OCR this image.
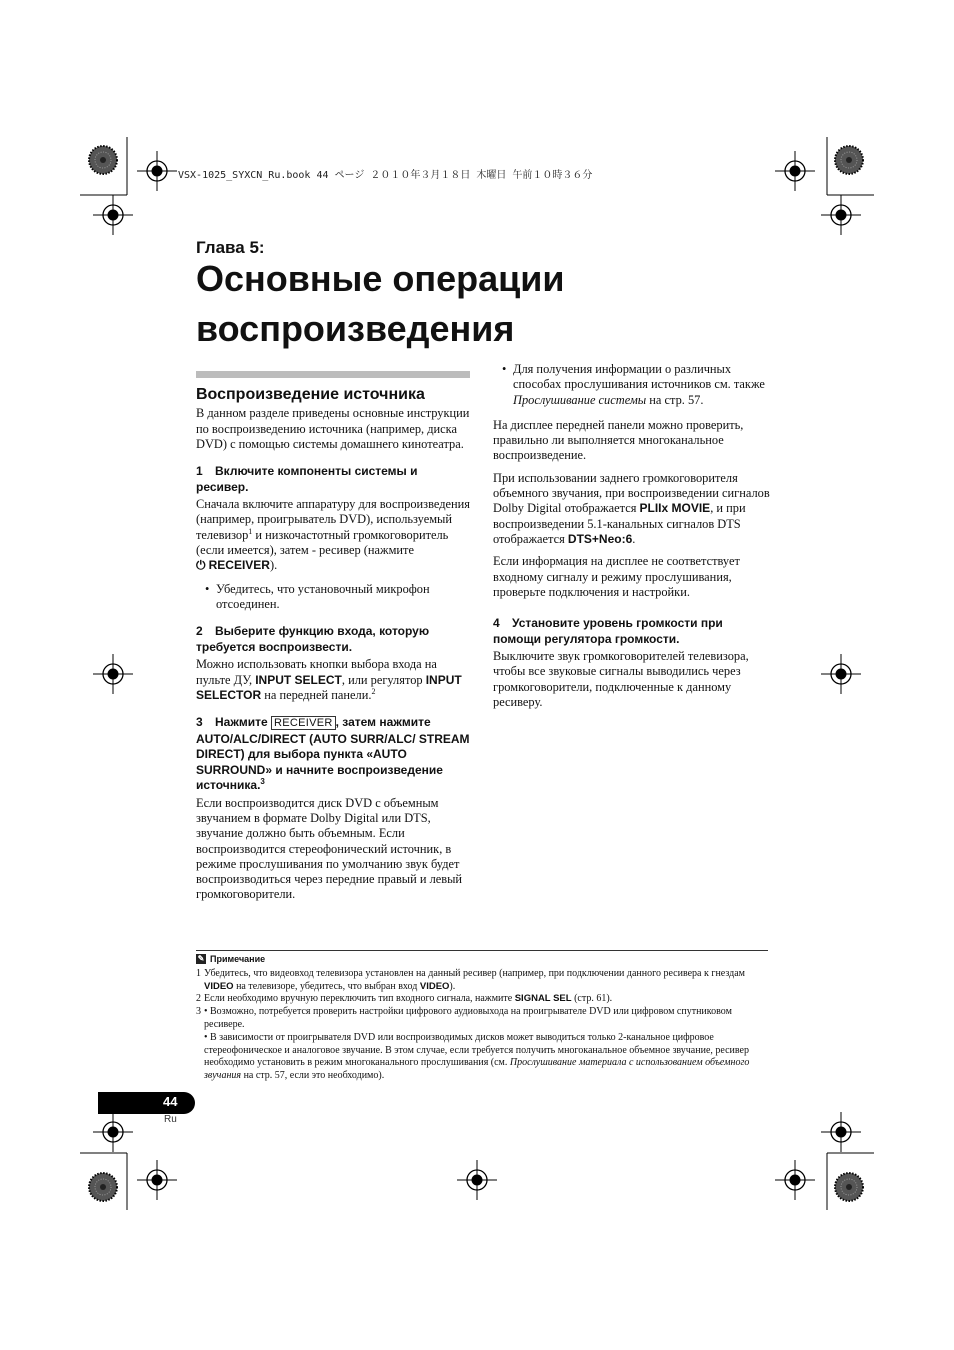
VSX-1025_SYXCN_Ru.book 44 ページ ２０１０年３月１８日 木曜日 午前１０時３６分
Глава 5:
Основные операции
воспроизведения
Воспроизведение источника

В данном разделе приведены основные инструкции по воспроизведению источника (например, диска DVD) с помощью системы домашнего кинотеатра.

1 Включите компоненты системы и ресивер.

Сначала включите аппаратуру для воспроизведения (например, проигрыватель DVD), используемый телевизор$^1$ и низкочастотный громкоговоритель (если имеется), затем - ресивер (нажмите
⏻ RECEIVER).

• Убедитесь, что установочный микрофон отсоединен.
2 Выберите функцию входа, которую требуется воспроизвести.

Можно использовать кнопки выбора входа на пульте ДУ, INPUT SELECT, или регулятор INPUT SELECTOR на передней панели.$^2$

3 Нажмите RECEIVER , затем нажмите AUTO/ALC/DIRECT (AUTO SURR/ALC/ STREAM DIRECT) для выбора пункта «AUTO SURROUND» и начните воспроизведение источника.$^3$

Если воспроизводится диск DVD с объемным звучанием в формате Dolby Digital или DTS, звучание должно быть объемным. Если воспроизводится стереофонический источник, в режиме прослушивания по умолчанию звук будет воспроизводиться через передние правый и левый громкоговорители.

• Для получения информации о различных способах прослушивания источников см. также Прослушивание системы на стр. 57.

На дисплее передней панели можно проверить, правильно ли выполняется многоканальное воспроизведение.

При использовании заднего громкоговорителя объемного звучания, при воспроизведении сигналов Dolby Digital отображается PLIIx MOVIE, и при воспроизведении 5.1-канальных сигналов DTS отображается DTS+Neo:6.

Если информация на дисплее не соответствует входному сигналу и режиму прослушивания, проверьте подключения и настройки.

4 Установите уровень громкости при помощи регулятора громкости.

Выключите звук громкоговорителей телевизора, чтобы все звуковые сигналы выводились через громкоговорители, подключенные к данному ресиверу.

✎ Примечание

1 Убедитесь, что видеовход телевизора установлен на данный ресивер (например, при подключении данного ресивера к гнездам VIDEO на телевизоре, убедитесь, что выбран вход VIDEO).

2 Если необходимо вручную переключить тип входного сигнала, нажмите SIGNAL SEL (стр. 61).

3 • Возможно, потребуется проверить настройки цифрового аудиовыхода на проигрывателе DVD или цифровом спутниковом ресивере.
• В зависимости от проигрывателя DVD или воспроизводимых дисков может выводиться только 2-канальное цифровое стереофоническое и аналоговое звучание. В этом случае, если требуется получить многоканальное объемное звучание, ресивер необходимо установить в режим многоканального прослушивания (см. Прослушивание материала с использованием объемного звучания на стр. 57, если это необходимо).

44
Ru
